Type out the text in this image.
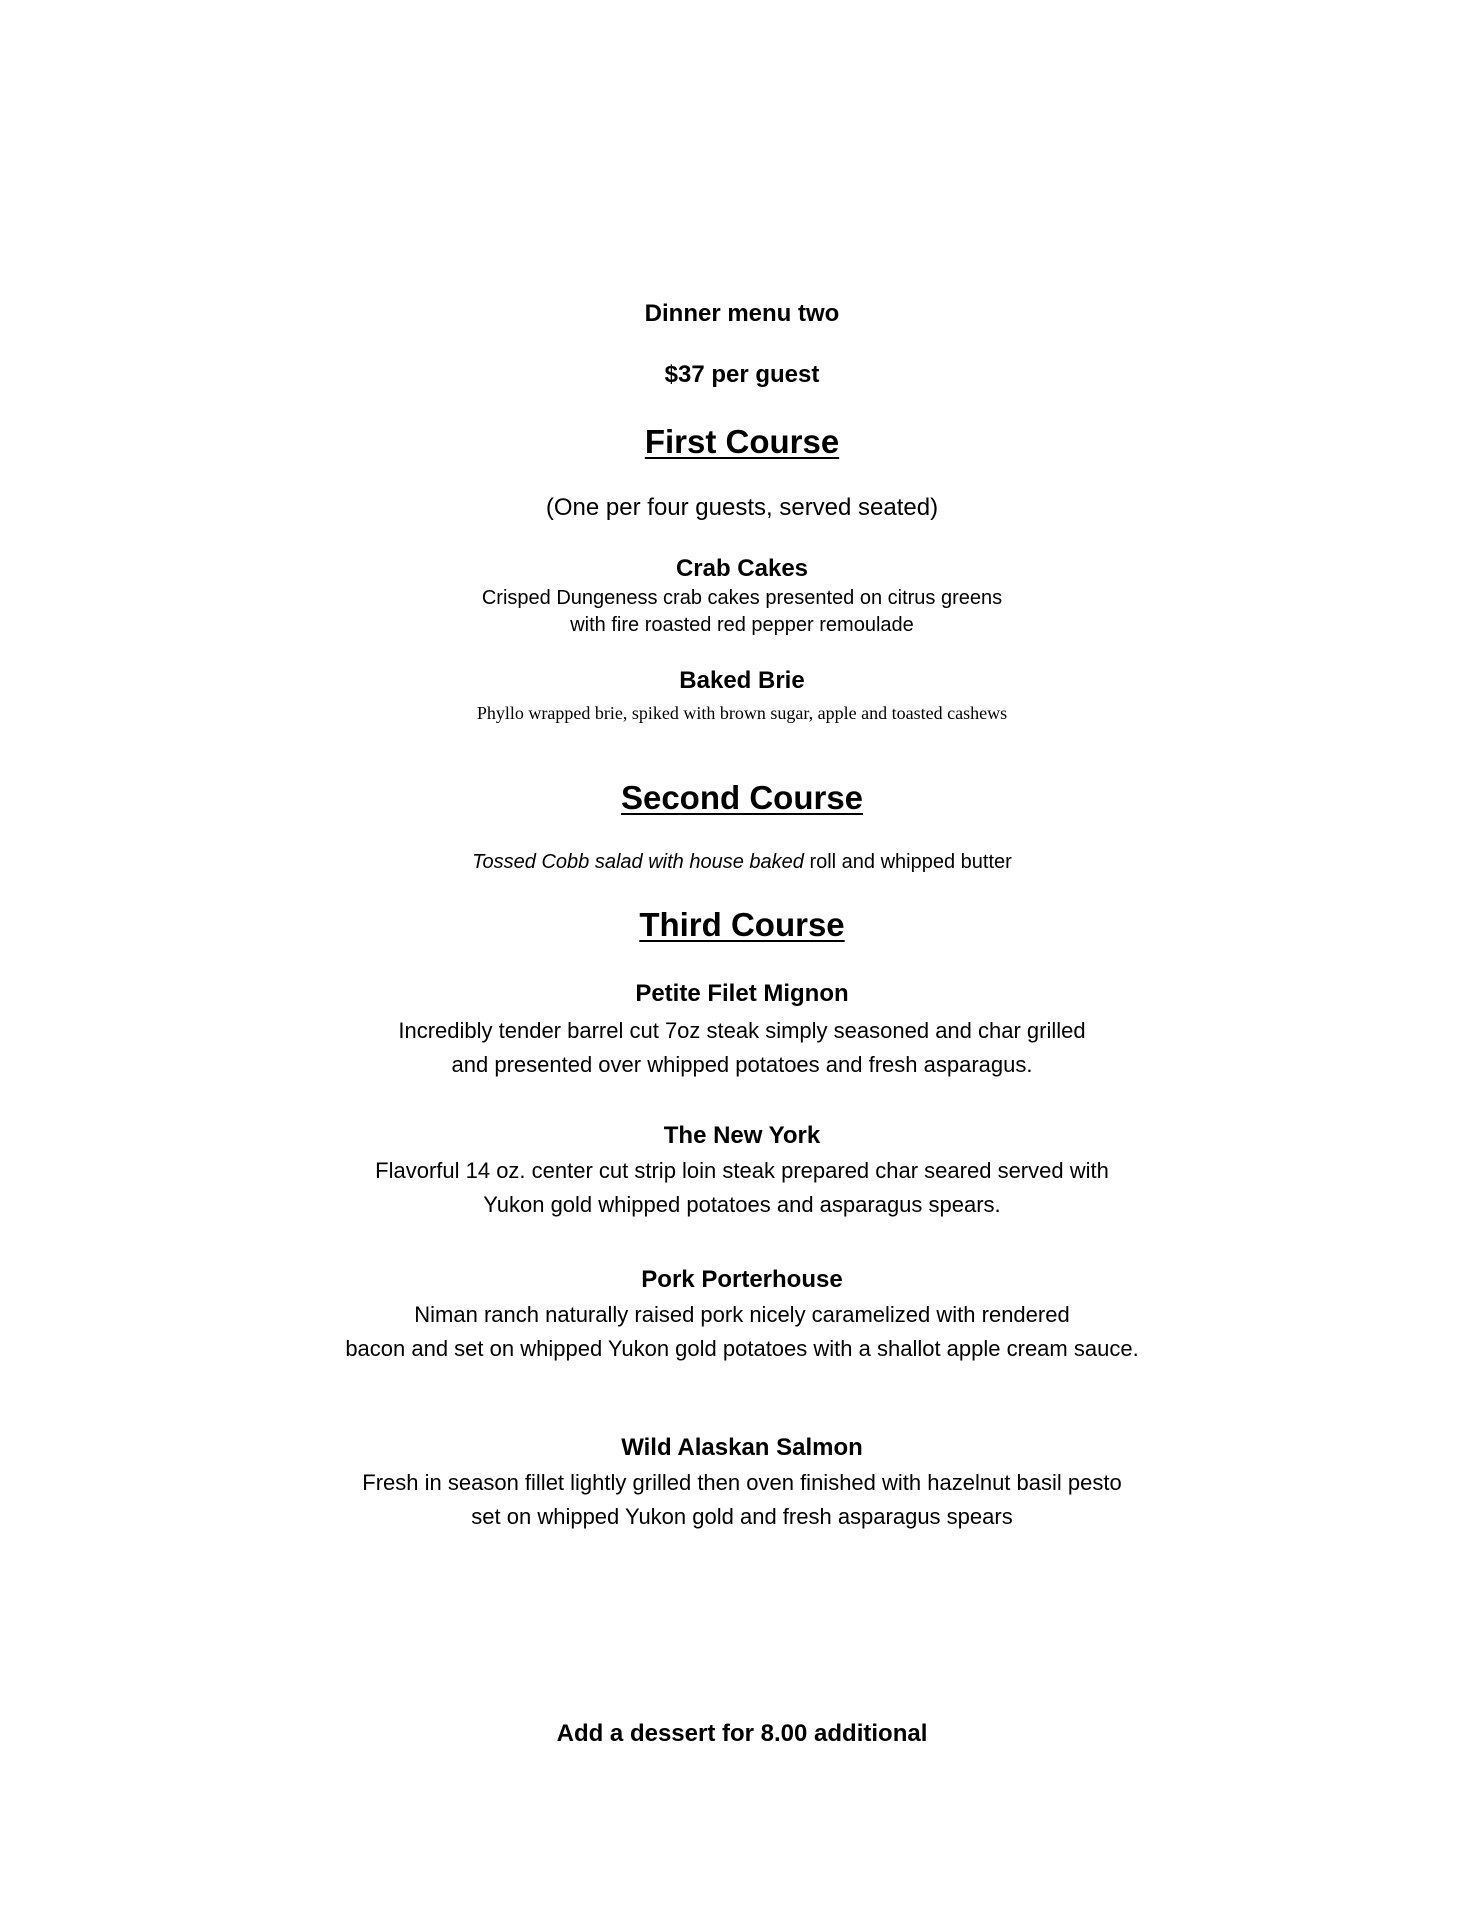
Dinner menu two
$37 per guest
First Course
(One per four guests, served seated)
Crab Cakes
Crisped Dungeness crab cakes presented on citrus greens
with fire roasted red pepper remoulade
Baked Brie
Phyllo wrapped brie, spiked with brown sugar, apple and toasted cashews
Second Course
Tossed Cobb salad with house baked roll and whipped butter
Third Course
Petite Filet Mignon
Incredibly tender barrel cut 7oz steak simply seasoned and char grilled
and presented over whipped potatoes and fresh asparagus.
The New York
Flavorful 14 oz. center cut strip loin steak prepared char seared served with
Yukon gold whipped potatoes and asparagus spears.
Pork Porterhouse
Niman ranch naturally raised pork nicely caramelized with rendered
bacon and set on whipped Yukon gold potatoes with a shallot apple cream sauce.
Wild Alaskan Salmon
Fresh in season fillet lightly grilled then oven finished with hazelnut basil pesto
set on whipped Yukon gold and fresh asparagus spears
Add a dessert for 8.00 additional
